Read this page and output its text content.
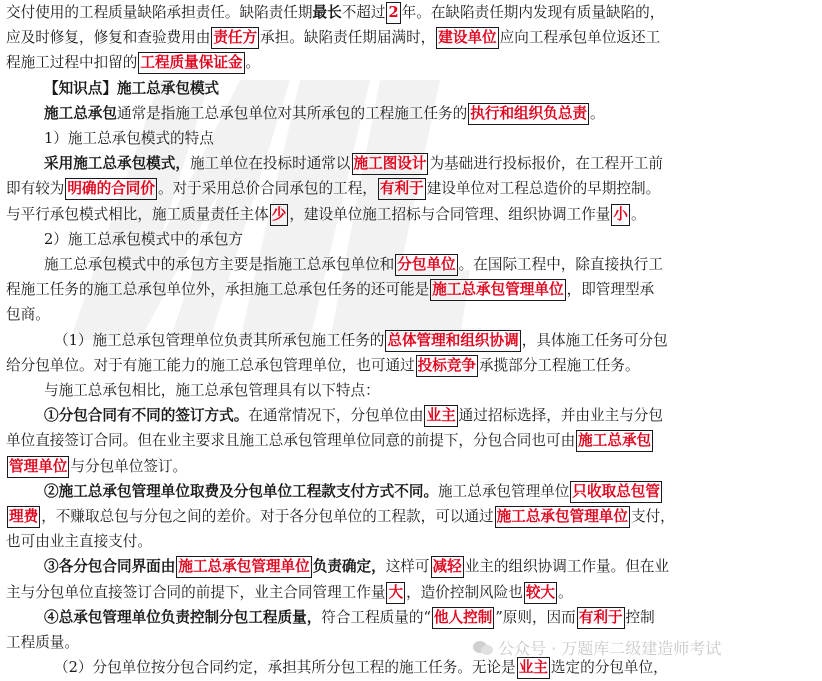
交付使用的工程质量缺陷承担责任。缺陷责任期最长不超过 2 年。在缺陷责任期内发现有质量缺陷的，
应及时修复，修复和查验费用由 责任方 承担。缺陷责任期届满时， 建设单位 应向工程承包单位返还工
程施工过程中扣留的 工程质量保证金 。
【知识点】施工总承包模式
施工总承包通常是指施工总承包单位对其所承包的工程施工任务的 执行和组织负总责 。
1）施工总承包模式的特点
采用施工总承包模式，施工单位在投标时通常以 施工图设计 为基础进行投标报价，在工程开工前
即有较为 明确的合同价 。对于采用总价合同承包的工程， 有利于 建设单位对工程总造价的早期控制。
与平行承包模式相比，施工质量责任主体 少 ，建设单位施工招标与合同管理、组织协调工作量 小 。
2）施工总承包模式中的承包方
施工总承包模式中的承包方主要是指施工总承包单位和 分包单位 。在国际工程中，除直接执行工
程施工任务的施工总承包单位外，承担施工总承包任务的还可能是 施工总承包管理单位 ，即管理型承
包商。
（1）施工总承包管理单位负责其所承包施工任务的 总体管理和组织协调 ，具体施工任务可分包
给分包单位。对于有施工能力的施工总承包管理单位，也可通过 投标竞争 承揽部分工程施工任务。
与施工总承包相比，施工总承包管理具有以下特点：
①分包合同有不同的签订方式。在通常情况下，分包单位由 业主 通过招标选择，并由业主与分包
单位直接签订合同。但在业主要求且施工总承包管理单位同意的前提下，分包合同也可由 施工总承包
管理单位 与分包单位签订。
②施工总承包管理单位取费及分包单位工程款支付方式不同。施工总承包管理单位 只收取总包管
理费 ，不赚取总包与分包之间的差价。对于各分包单位的工程款，可以通过 施工总承包管理单位 支付，
也可由业主直接支付。
③各分包合同界面由 施工总承包管理单位 负责确定，这样可 减轻 业主的组织协调工作量。但在业
主与分包单位直接签订合同的前提下，业主合同管理工作量 大 ，造价控制风险也 较大 。
④总承包管理单位负责控制分包工程质量，符合工程质量的“ 他人控制 ”原则，因而 有利于 控制
工程质量。
（2）分包单位按分包合同约定，承担其所分包工程的施工任务。无论是 业主 选定的分包单位，
公众号 · 万题库二级建造师考试
